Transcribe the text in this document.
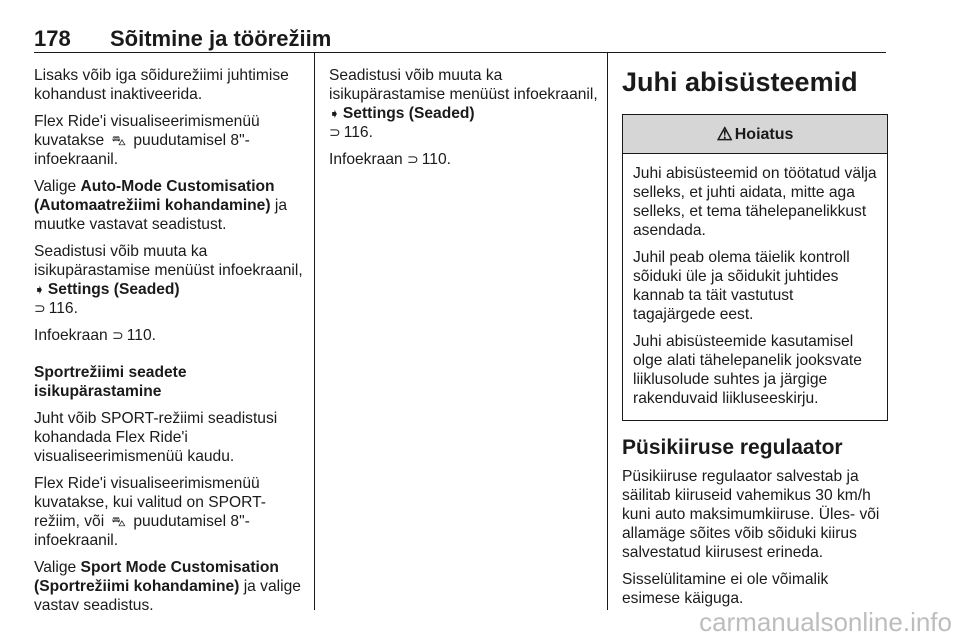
178 Sõitmine ja töörežiim

Lisaks võib iga sõidurežiimi juhtimise kohandust inaktiveerida.

Flex Ride'i visualiseerimismenüü kuvatakse ⛍ puudutamisel 8"-infoekraanil.

Valige Auto-Mode Customisation (Automaatrežiimi kohandamine) ja muutke vastavat seadistust.

Seadistusi võib muuta ka isikupärastamise menüüst infoekraanil, ➧ Settings (Seaded)
⊃ 116.

Infoekraan ⊃ 110.

Sportrežiimi seadete isikupärastamine

Juht võib SPORT-režiimi seadistusi kohandada Flex Ride'i visualiseerimismenüü kaudu.

Flex Ride'i visualiseerimismenüü kuvatakse, kui valitud on SPORT-režiim, või ⛍ puudutamisel 8"-infoekraanil.

Valige Sport Mode Customisation (Sportrežiimi kohandamine) ja valige vastav seadistus.

Seadistusi võib muuta ka isikupärastamise menüüst infoekraanil, ➧ Settings (Seaded)
⊃ 116.

Infoekraan ⊃ 110.

Juhi abisüsteemid
⚠ Hoiatus

Juhi abisüsteemid on töötatud välja selleks, et juhti aidata, mitte aga selleks, et tema tähelepanelikkust asendada.

Juhil peab olema täielik kontroll sõiduki üle ja sõidukit juhtides kannab ta täit vastutust tagajärgede eest.

Juhi abisüsteemide kasutamisel olge alati tähelepanelik jooksvate liiklusolude suhtes ja järgige rakenduvaid liikluseeskirju.

Püsikiiruse regulaator

Püsikiiruse regulaator salvestab ja säilitab kiiruseid vahemikus 30 km/h kuni auto maksimumkiiruse. Üles- või allamäge sõites võib sõiduki kiirus salvestatud kiirusest erineda.

Sisselülitamine ei ole võimalik esimese käiguga.

carmanualsonline.info
